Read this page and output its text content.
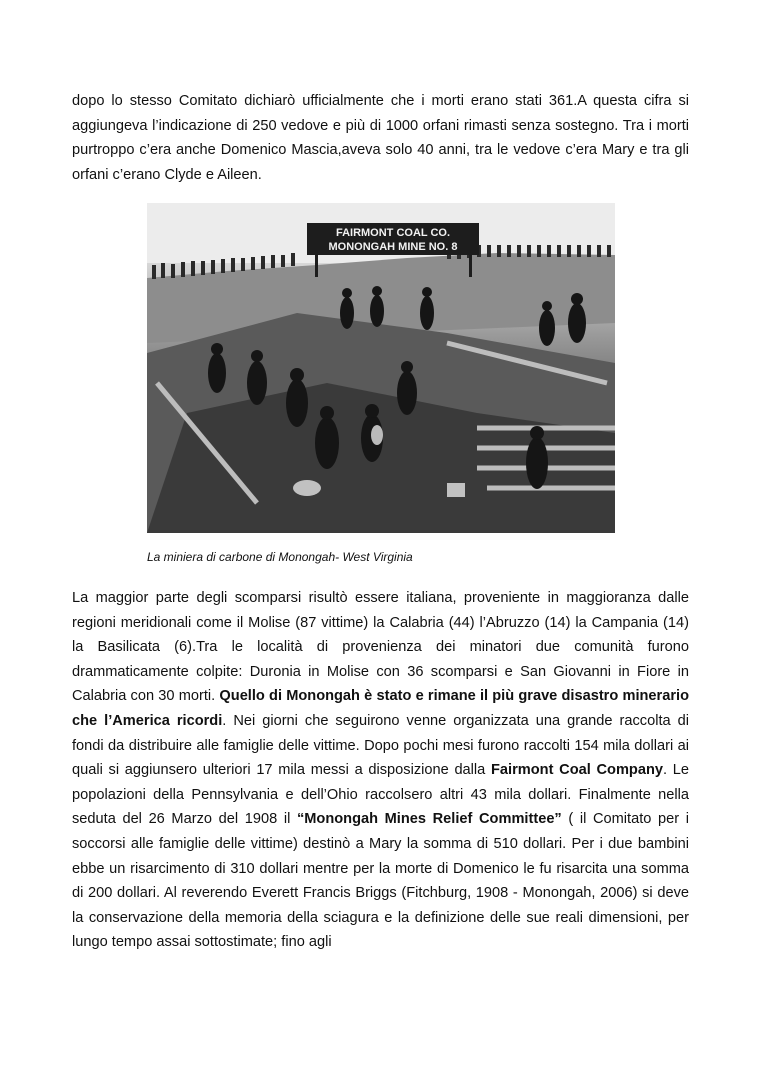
dopo lo stesso Comitato dichiarò ufficialmente che i morti erano stati 361.A questa cifra si aggiungeva l’indicazione di 250 vedove e più di 1000 orfani rimasti senza sostegno. Tra i morti purtroppo c’era anche Domenico Mascia,aveva solo 40 anni, tra le vedove c’era Mary e tra gli orfani c’erano Clyde e Aileen.

FAIRMONT COAL CO.
MONONGAH MINE NO. 8
La miniera di carbone di Monongah- West Virginia

La maggior parte degli scomparsi risultò essere italiana, proveniente in maggioranza dalle regioni meridionali come il Molise (87 vittime) la Calabria (44) l’Abruzzo (14) la Campania (14) la Basilicata (6).Tra le località di provenienza dei minatori due comunità furono drammaticamente colpite: Duronia in Molise con 36 scomparsi e San Giovanni in Fiore in Calabria con 30 morti. Quello di Monongah è stato e rimane il più grave disastro minerario che l’America ricordi. Nei giorni che seguirono venne organizzata una grande raccolta di fondi da distribuire alle famiglie delle vittime. Dopo pochi mesi furono raccolti 154 mila dollari ai quali si aggiunsero ulteriori 17 mila messi a disposizione dalla Fairmont Coal Company. Le popolazioni della Pennsylvania e dell’Ohio raccolsero altri 43 mila dollari. Finalmente nella seduta del 26 Marzo del 1908 il “Monongah Mines Relief Committee” ( il Comitato per i soccorsi alle famiglie delle vittime) destinò a Mary la somma di 510 dollari. Per i due bambini ebbe un risarcimento di 310 dollari mentre per la morte di Domenico le fu risarcita una somma di 200 dollari. Al reverendo Everett Francis Briggs (Fitchburg, 1908 - Monongah, 2006) si deve la conservazione della memoria della sciagura e la definizione delle sue reali dimensioni, per lungo tempo assai sottostimate; fino agli
